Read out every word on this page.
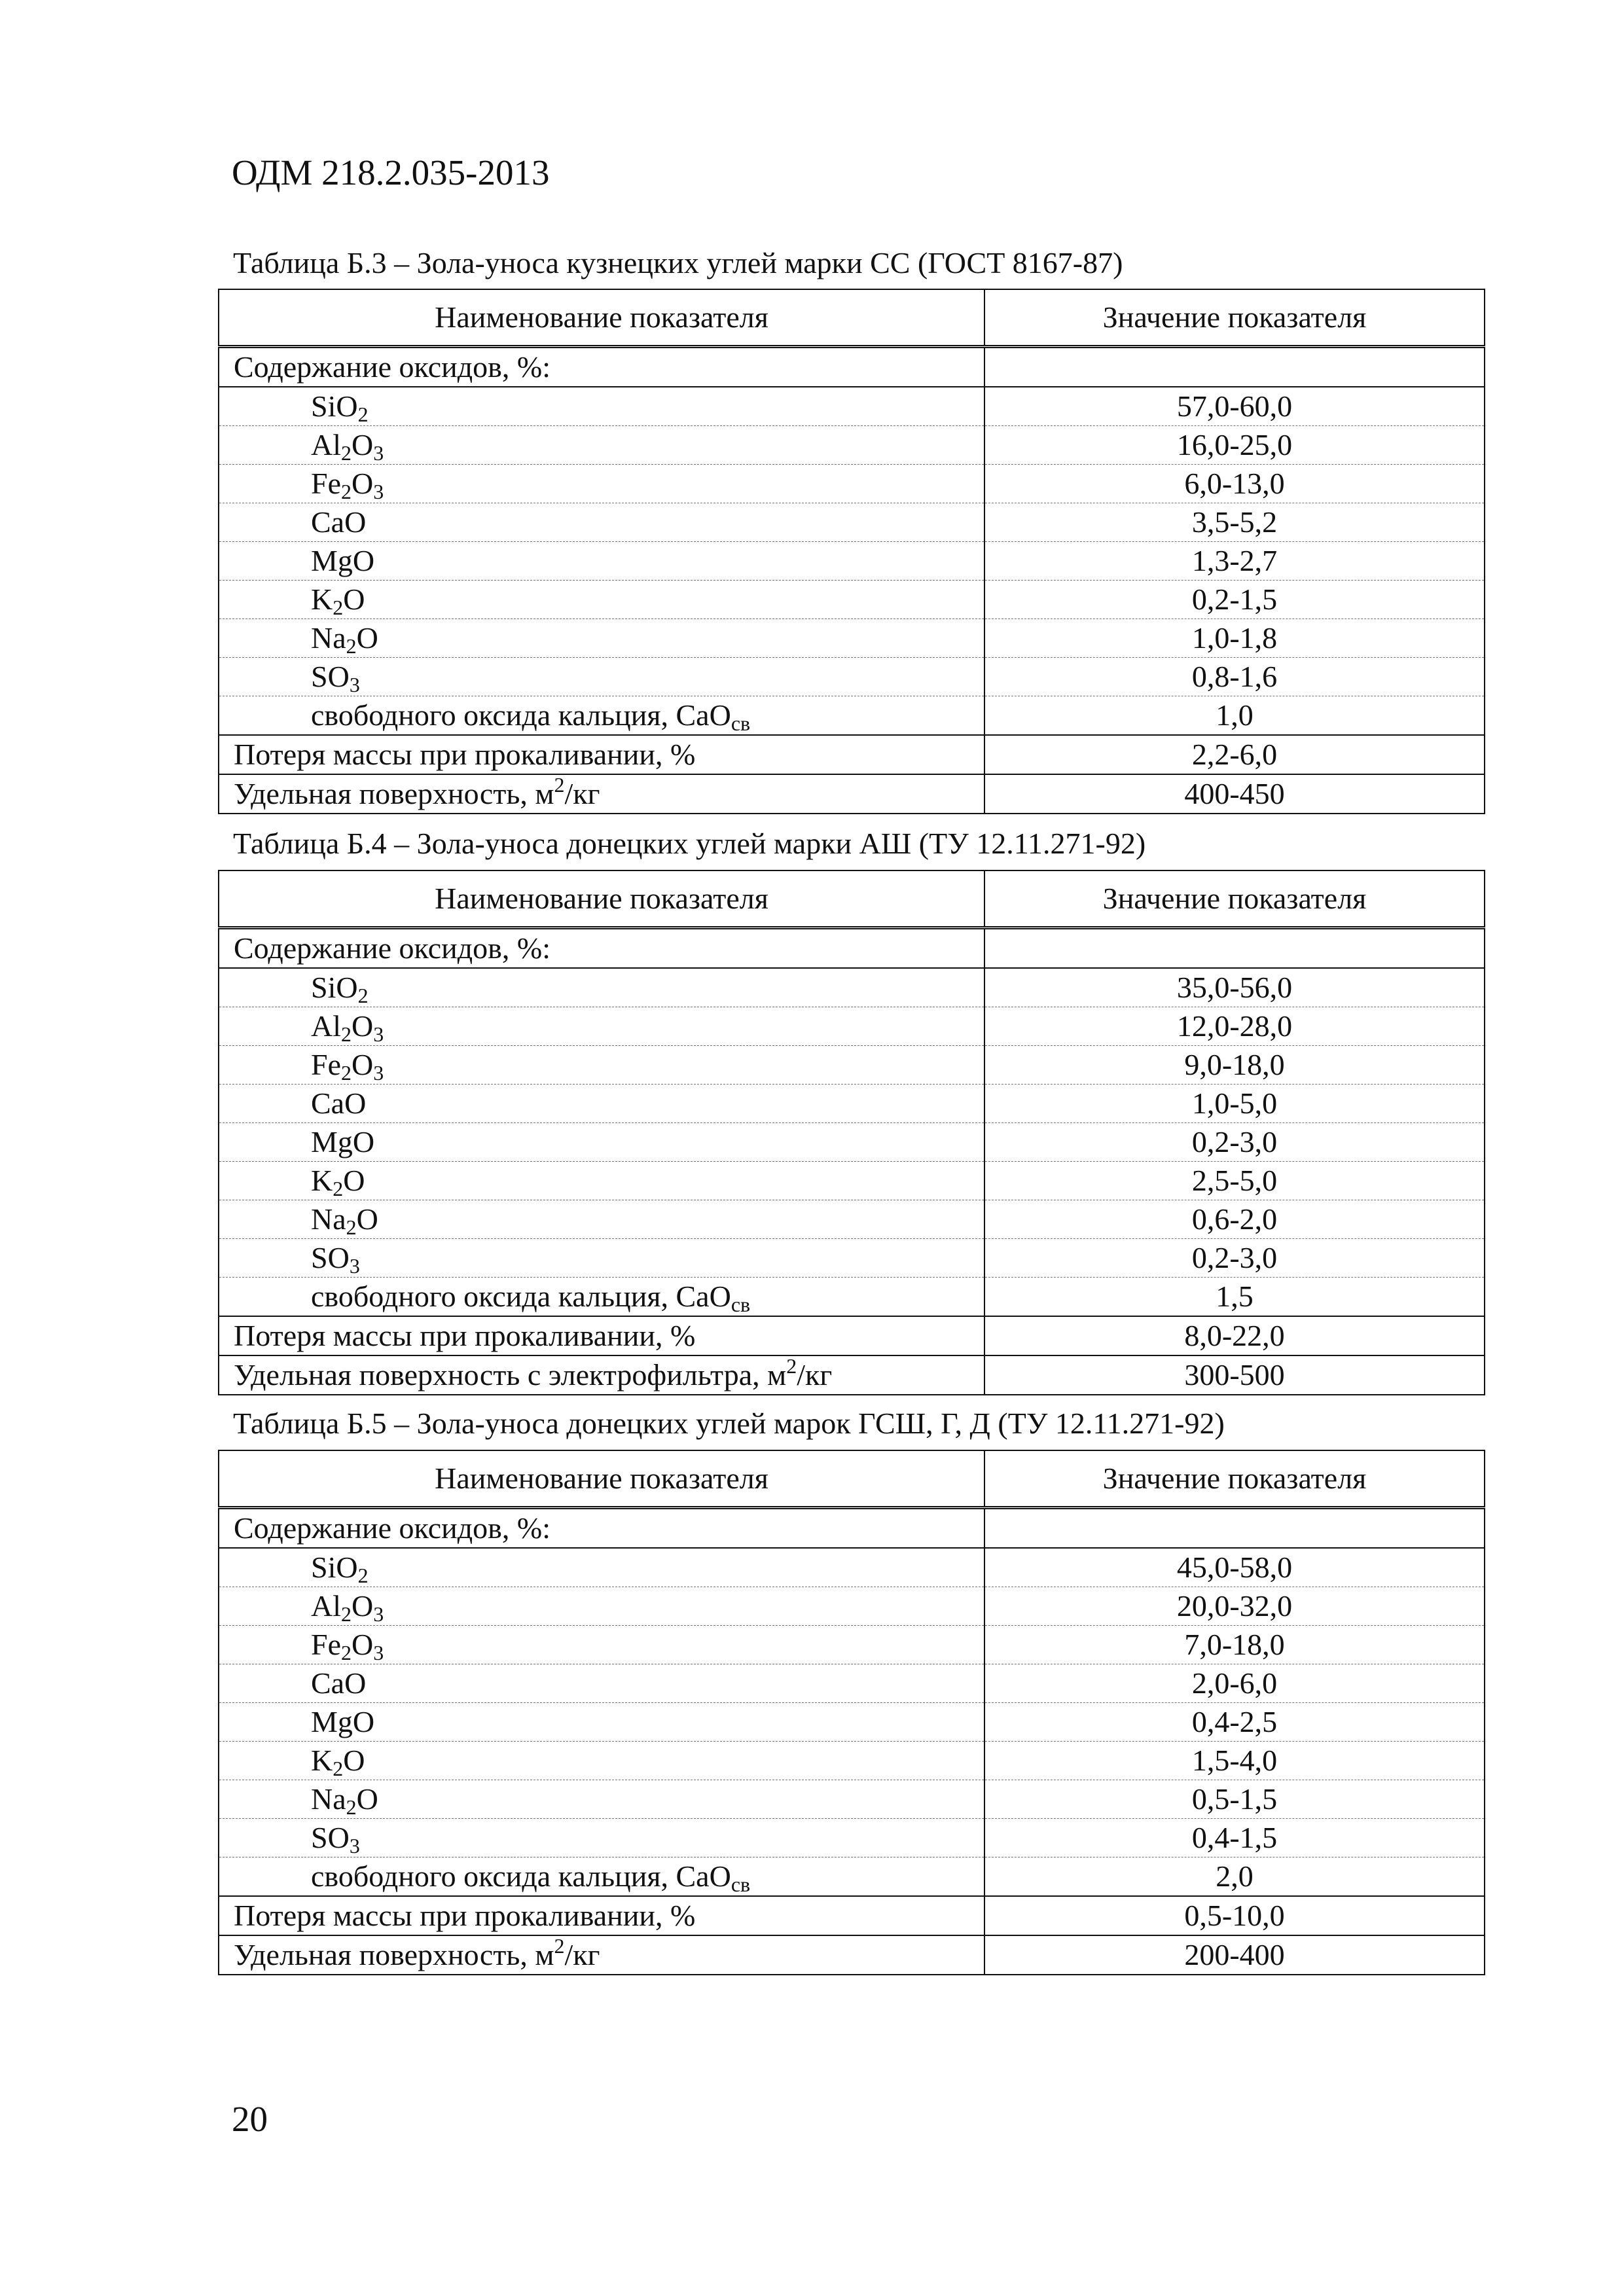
ОДМ 218.2.035-2013
Таблица Б.3 – Зола-уноса кузнецких углей марки СС (ГОСТ 8167-87)
Наименование показателя	Значение показателя
Содержание оксидов, %:	
SiO$_2$	57,0-60,0
$Al_2O_3$	16,0-25,0
$Fe_2O_3$	6,0-13,0
CaO	3,5-5,2
MgO	1,3-2,7
$K_2O$	0,2-1,5
$Na_2O$	1,0-1,8
$SO_3$	0,8-1,6
свободного оксида кальция, CaO$_{св}$	1,0
Потеря массы при прокаливании, %	2,2-6,0
Удельная поверхность, $м^2/кг$	400-450
Таблица Б.4 – Зола-уноса донецких углей марки АШ (ТУ 12.11.271-92)
Наименование показателя	Значение показателя
Содержание оксидов, %:	
SiO$_2$	35,0-56,0
$Al_2O_3$	12,0-28,0
$Fe_2O_3$	9,0-18,0
CaO	1,0-5,0
MgO	0,2-3,0
$K_2O$	2,5-5,0
$Na_2O$	0,6-2,0
$SO_3$	0,2-3,0
свободного оксида кальция, CaO$_{св}$	1,5
Потеря массы при прокаливании, %	8,0-22,0
Удельная поверхность с электрофильтра, $м^2/кг$	300-500
Таблица Б.5 – Зола-уноса донецких углей марок ГСШ, Г, Д (ТУ 12.11.271-92)
Наименование показателя	Значение показателя
Содержание оксидов, %:	
SiO$_2$	45,0-58,0
$Al_2O_3$	20,0-32,0
$Fe_2O_3$	7,0-18,0
CaO	2,0-6,0
MgO	0,4-2,5
$K_2O$	1,5-4,0
$Na_2O$	0,5-1,5
$SO_3$	0,4-1,5
свободного оксида кальция, CaO$_{св}$	2,0
Потеря массы при прокаливании, %	0,5-10,0
Удельная поверхность, $м^2/кг$	200-400
20
